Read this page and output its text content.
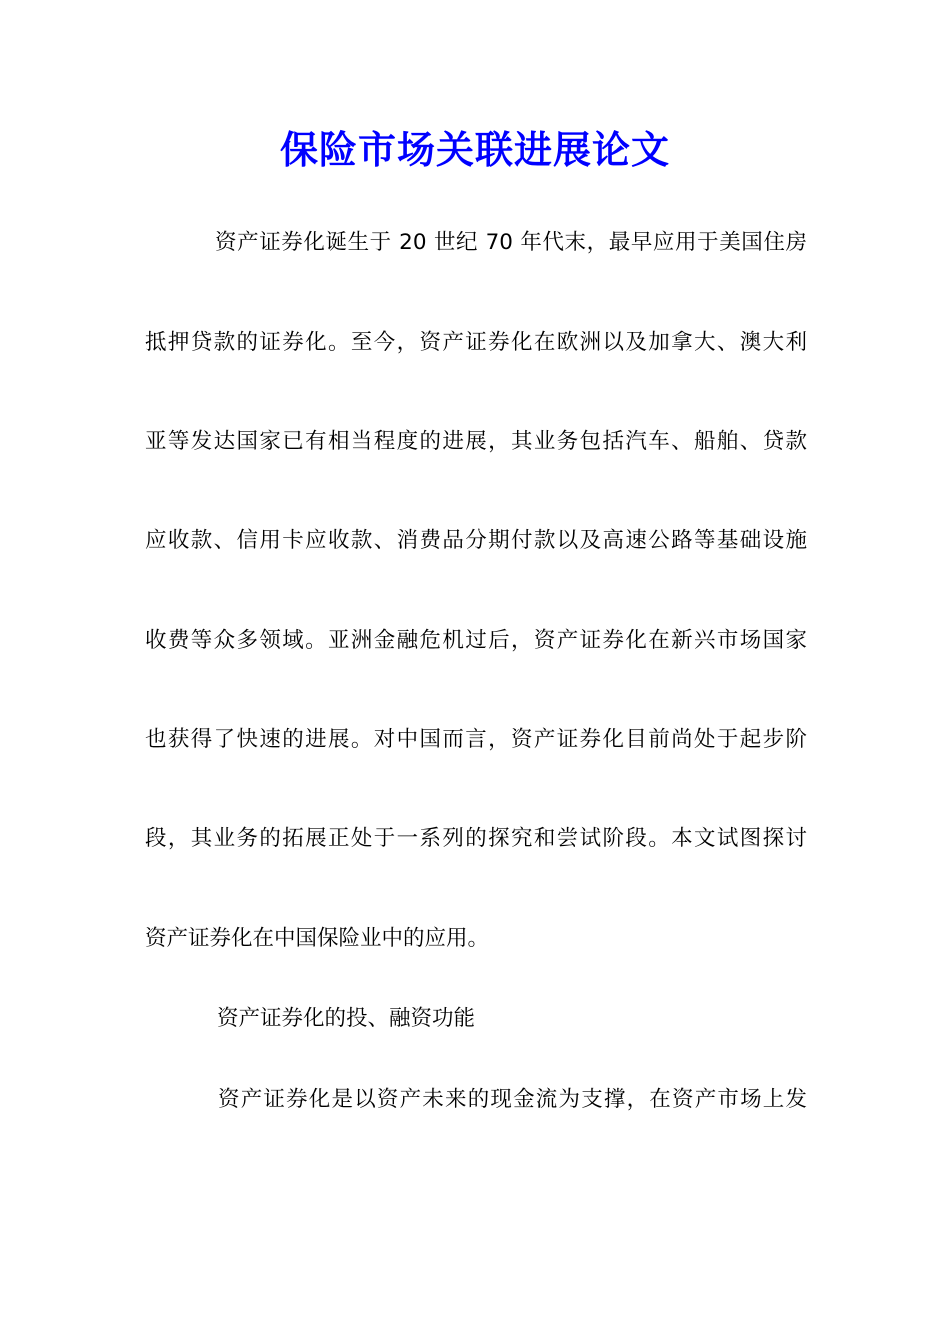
保险市场关联进展论文
资产证券化诞生于 20 世纪 70 年代末，最早应用于美国住房
抵押贷款的证券化。至今，资产证券化在欧洲以及加拿大、澳大利
亚等发达国家已有相当程度的进展，其业务包括汽车、船舶、贷款
应收款、信用卡应收款、消费品分期付款以及高速公路等基础设施
收费等众多领域。亚洲金融危机过后，资产证券化在新兴市场国家
也获得了快速的进展。对中国而言，资产证券化目前尚处于起步阶
段，其业务的拓展正处于一系列的探究和尝试阶段。本文试图探讨
资产证券化在中国保险业中的应用。
资产证券化的投、融资功能
资产证券化是以资产未来的现金流为支撑，在资产市场上发
